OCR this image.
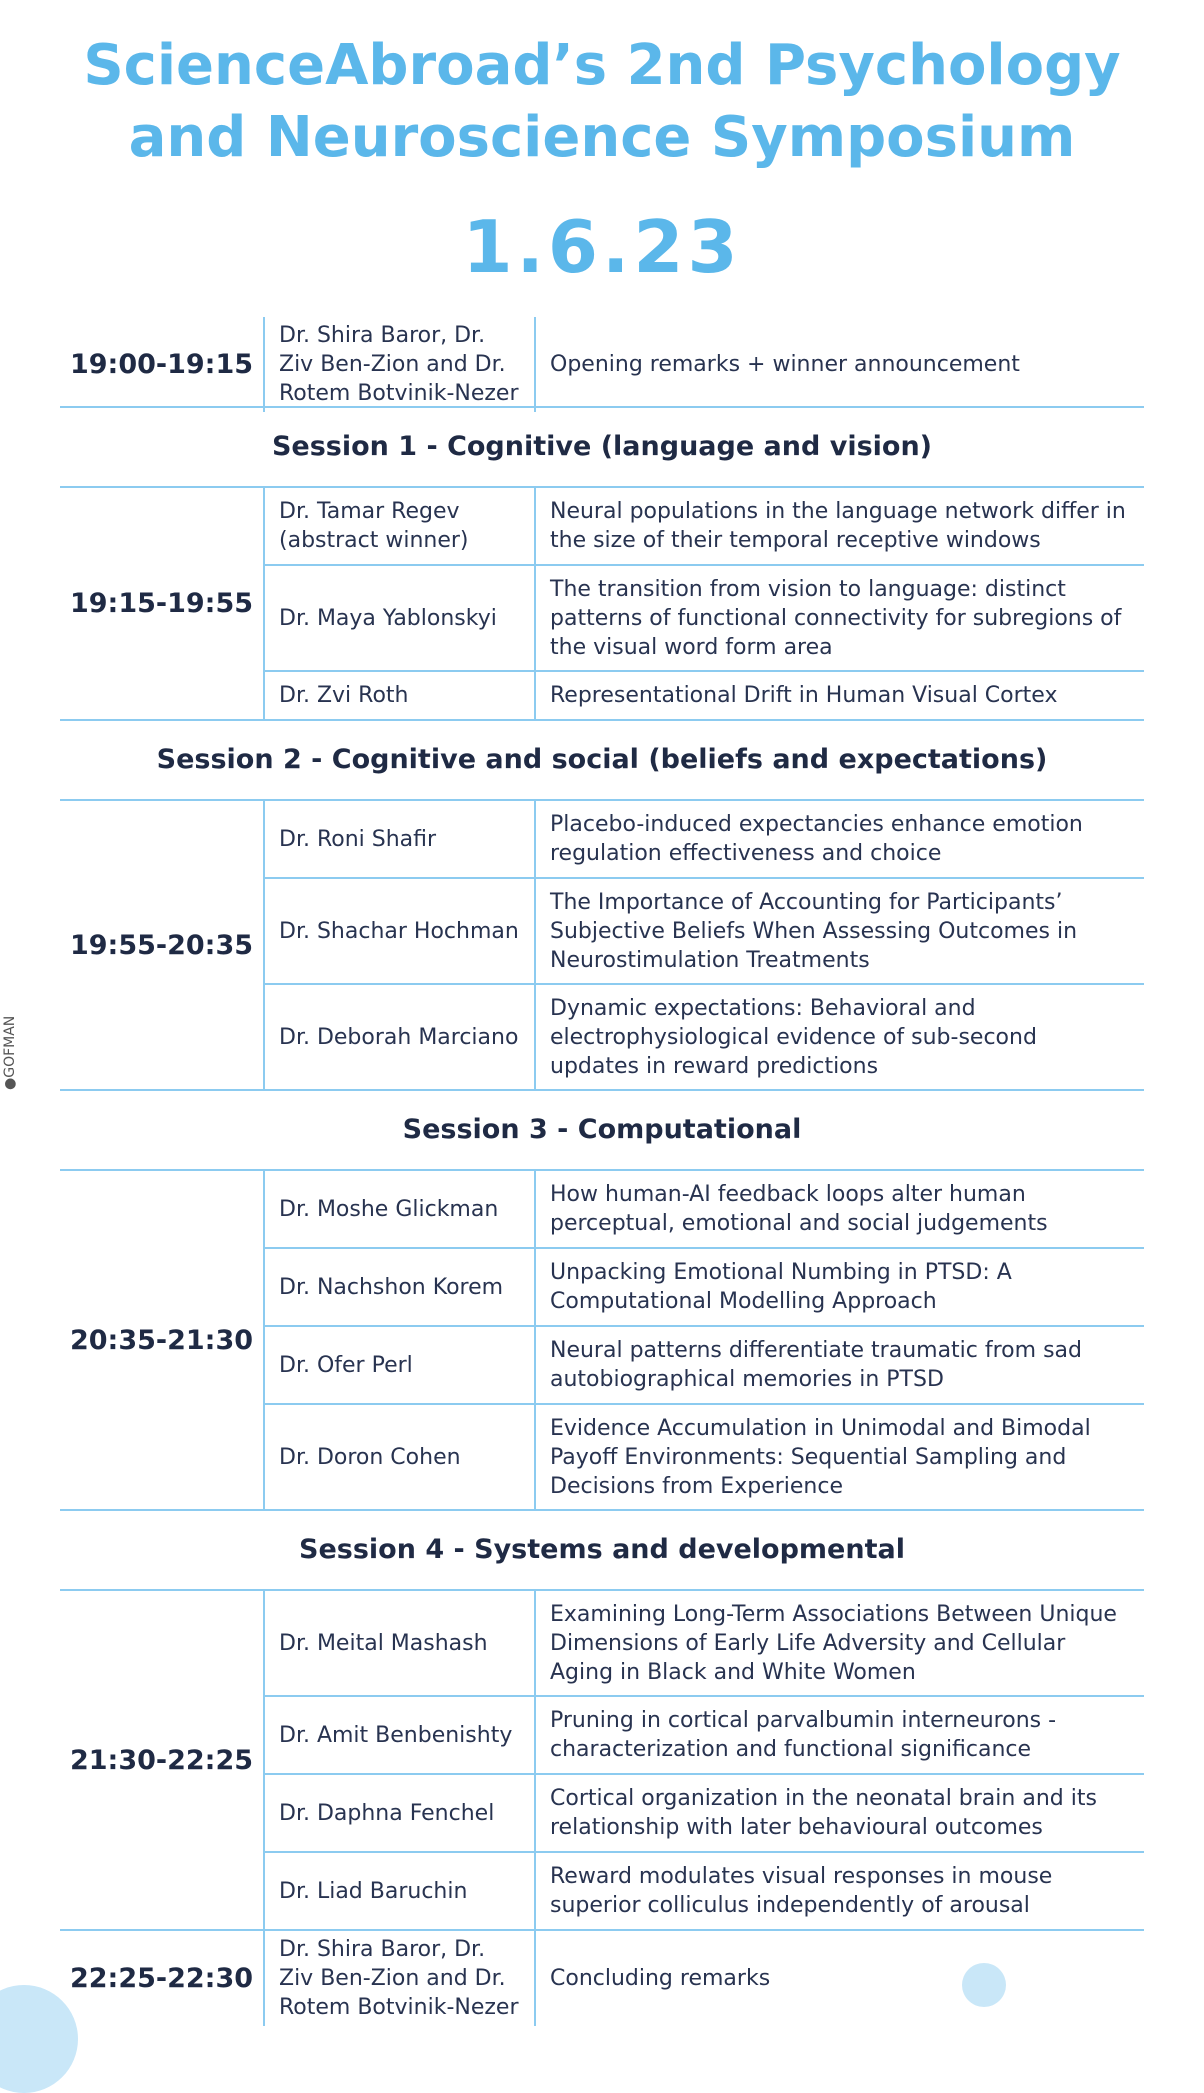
ScienceAbroad’s 2nd Psychology
and Neuroscience Symposium
1.6.23
●GOFMAN
19:00-19:15
Dr. Shira Baror, Dr. Ziv Ben-Zion and Dr. Rotem Botvinik-Nezer
Opening remarks + winner announcement
Session 1 - Cognitive (language and vision)
19:15-19:55
Dr. Tamar Regev (abstract winner)
Neural populations in the language network differ in the size of their temporal receptive windows
Dr. Maya Yablonskyi
The transition from vision to language: distinct patterns of functional connectivity for subregions of the visual word form area
Dr. Zvi Roth	Representational Drift in Human Visual Cortex
Session 2 - Cognitive and social (beliefs and expectations)
19:55-20:35
Dr. Roni Shafir
Placebo-induced expectancies enhance emotion regulation effectiveness and choice
Dr. Shachar Hochman
The Importance of Accounting for Participants’ Subjective Beliefs When Assessing Outcomes in Neurostimulation Treatments
Dr. Deborah Marciano
Dynamic expectations: Behavioral and electrophysiological evidence of sub-second updates in reward predictions
Session 3 - Computational
20:35-21:30
Dr. Moshe Glickman
How human-AI feedback loops alter human perceptual, emotional and social judgements
Dr. Nachshon Korem
Unpacking Emotional Numbing in PTSD: A Computational Modelling Approach
Dr. Ofer Perl
Neural patterns differentiate traumatic from sad autobiographical memories in PTSD
Dr. Doron Cohen
Evidence Accumulation in Unimodal and Bimodal Payoff Environments: Sequential Sampling and Decisions from Experience
Session 4 - Systems and developmental
21:30-22:25
Dr. Meital Mashash
Examining Long-Term Associations Between Unique Dimensions of Early Life Adversity and Cellular Aging in Black and White Women
Dr. Amit Benbenishty
Pruning in cortical parvalbumin interneurons - characterization and functional significance
Dr. Daphna Fenchel
Cortical organization in the neonatal brain and its relationship with later behavioural outcomes
Dr. Liad Baruchin
Reward modulates visual responses in mouse superior colliculus independently of arousal
22:25-22:30
Dr. Shira Baror, Dr. Ziv Ben-Zion and Dr. Rotem Botvinik-Nezer
Concluding remarks
